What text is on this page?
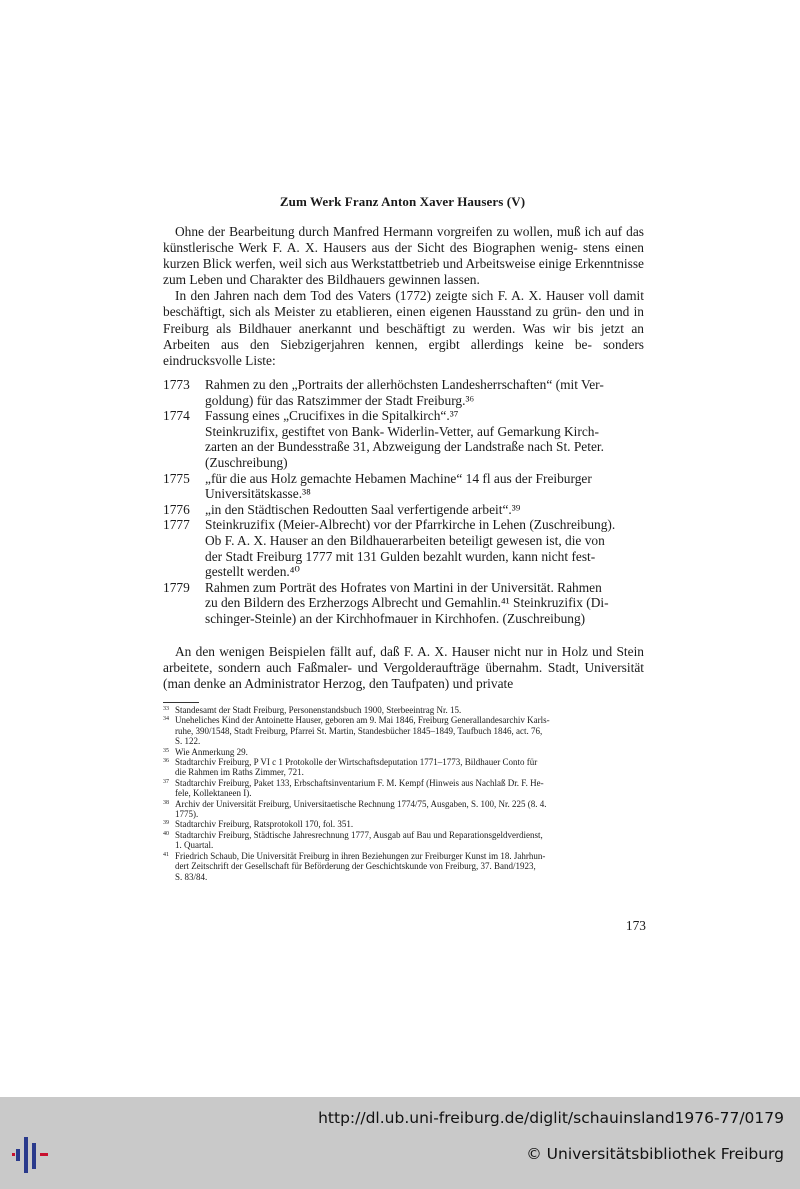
Zum Werk Franz Anton Xaver Hausers (V)

Ohne der Bearbeitung durch Manfred Hermann vorgreifen zu wollen, muß ich auf das künstlerische Werk F. A. X. Hausers aus der Sicht des Biographen wenig- stens einen kurzen Blick werfen, weil sich aus Werkstattbetrieb und Arbeitsweise einige Erkenntnisse zum Leben und Charakter des Bildhauers gewinnen lassen.

In den Jahren nach dem Tod des Vaters (1772) zeigte sich F. A. X. Hauser voll damit beschäftigt, sich als Meister zu etablieren, einen eigenen Hausstand zu grün- den und in Freiburg als Bildhauer anerkannt und beschäftigt zu werden. Was wir bis jetzt an Arbeiten aus den Siebzigerjahren kennen, ergibt allerdings keine be- sonders eindrucksvolle Liste:

1773	Rahmen zu den „Portraits der allerhöchsten Landesherrschaften“ (mit Ver-
goldung) für das Ratszimmer der Stadt Freiburg.³⁶
1774	Fassung eines „Crucifixes in die Spitalkirch“.³⁷
Steinkruzifix, gestiftet von Bank- Widerlin-Vetter, auf Gemarkung Kirch-
zarten an der Bundesstraße 31, Abzweigung der Landstraße nach St. Peter.
(Zuschreibung)
1775	„für die aus Holz gemachte Hebamen Machine“ 14 fl aus der Freiburger
Universitätskasse.³⁸
1776	„in den Städtischen Redoutten Saal verfertigende arbeit“.³⁹
1777	Steinkruzifix (Meier-Albrecht) vor der Pfarrkirche in Lehen (Zuschreibung).
Ob F. A. X. Hauser an den Bildhauerarbeiten beteiligt gewesen ist, die von
der Stadt Freiburg 1777 mit 131 Gulden bezahlt wurden, kann nicht fest-
gestellt werden.⁴⁰
1779	Rahmen zum Porträt des Hofrates von Martini in der Universität. Rahmen
zu den Bildern des Erzherzogs Albrecht und Gemahlin.⁴¹ Steinkruzifix (Di-
schinger-Steinle) an der Kirchhofmauer in Kirchhofen. (Zuschreibung)

An den wenigen Beispielen fällt auf, daß F. A. X. Hauser nicht nur in Holz und Stein arbeitete, sondern auch Faßmaler- und Vergolderaufträge übernahm. Stadt, Universität (man denke an Administrator Herzog, den Taufpaten) und private

33 Standesamt der Stadt Freiburg, Personenstandsbuch 1900, Sterbeeintrag Nr. 15.
34 Uneheliches Kind der Antoinette Hauser, geboren am 9. Mai 1846, Freiburg Generallandesarchiv Karls-
ruhe, 390/1548, Stadt Freiburg, Pfarrei St. Martin, Standesbücher 1845–1849, Taufbuch 1846, act. 76,
S. 122.
35 Wie Anmerkung 29.
36 Stadtarchiv Freiburg, P VI c 1 Protokolle der Wirtschaftsdeputation 1771–1773, Bildhauer Conto für
die Rahmen im Raths Zimmer, 721.
37 Stadtarchiv Freiburg, Paket 133, Erbschaftsinventarium F. M. Kempf (Hinweis aus Nachlaß Dr. F. He-
fele, Kollektaneen I).
38 Archiv der Universität Freiburg, Universitaetische Rechnung 1774/75, Ausgaben, S. 100, Nr. 225 (8. 4.
1775).
39 Stadtarchiv Freiburg, Ratsprotokoll 170, fol. 351.
40 Stadtarchiv Freiburg, Städtische Jahresrechnung 1777, Ausgab auf Bau und Reparationsgeldverdienst,
1. Quartal.
41 Friedrich Schaub, Die Universität Freiburg in ihren Beziehungen zur Freiburger Kunst im 18. Jahrhun-
dert Zeitschrift der Gesellschaft für Beförderung der Geschichtskunde von Freiburg, 37. Band/1923,
S. 83/84.
173
http://dl.ub.uni-freiburg.de/diglit/schauinsland1976-77/0179
© Universitätsbibliothek Freiburg
